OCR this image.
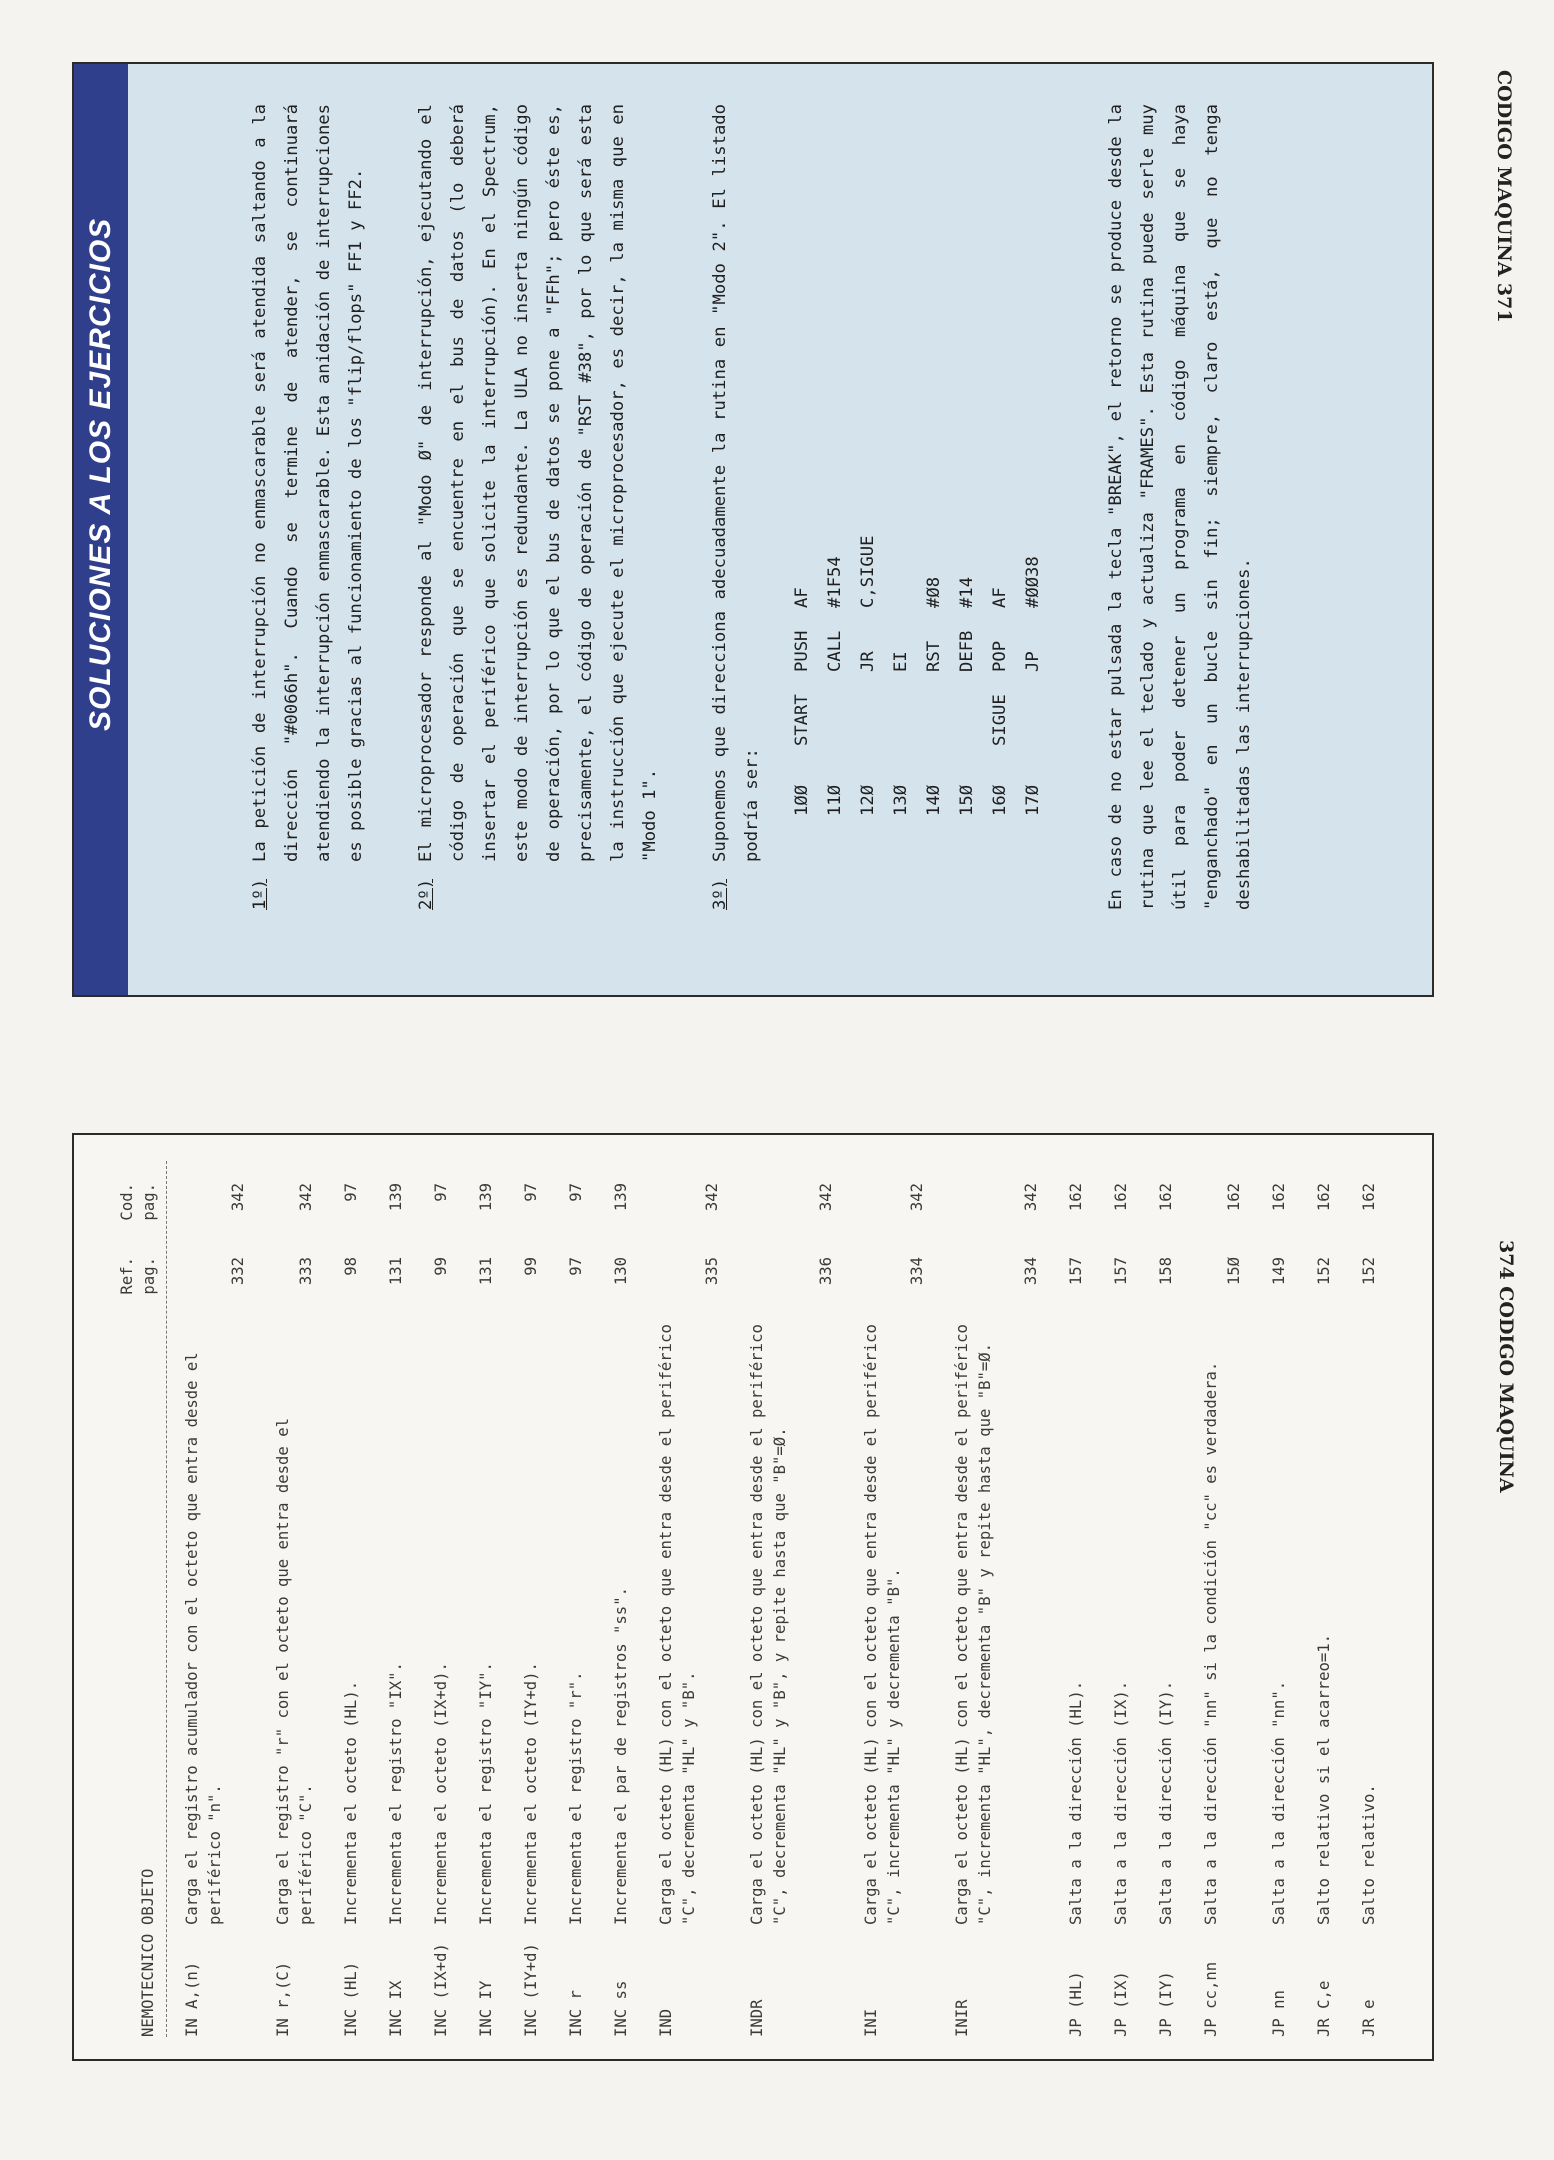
SOLUCIONES A LOS EJERCICIOS
1º)
La petición de interrupción no enmascarable será atendida saltando a la dirección "#0066h". Cuando se termine de atender, se continuará atendiendo la interrupción enmascarable. Esta anidación de interrupciones es posible gracias al funcionamiento de los "flip/flops" FF1 y FF2.
2º)
El microprocesador responde al "Modo Ø" de interrupción, ejecutando el código de operación que se encuentre en el bus de datos (lo deberá insertar el periférico que solicite la interrupción). En el Spectrum, este modo de interrupción es redundante. La ULA no inserta ningún código de operación, por lo que el bus de datos se pone a "FFh"; pero éste es, precisamente, el código de operación de "RST #38", por lo que será esta la instrucción que ejecute el microprocesador, es decir, la misma que en "Modo 1".
3º)
Suponemos que direcciona adecuadamente la rutina en "Modo 2". El listado podría ser:	1ØØ
START
PUSH
AF
11Ø
CALL
#1F54
12Ø
JR
C,SIGUE
13Ø
EI
14Ø
RST
#Ø8
15Ø
DEFB
#14
16Ø
SIGUE
POP
AF
17Ø
JP
#ØØ38	En caso de no estar pulsada la tecla "BREAK", el retorno se produce desde la rutina que lee el teclado y actualiza "FRAMES". Esta rutina puede serle muy útil para poder detener un programa en código máquina que se haya "enganchado" en un bucle sin fin; siempre, claro está, que no tenga deshabilitadas las interrupciones.
CODIGO MAQUINA 371
NEMOTECNICO
OBJETO
Ref. pag.
Cod. pag.
IN A,(n)
Carga el registro acumulador con el octeto que entra desde el periférico "n".
332
342
IN r,(C)
Carga el registro "r" con el octeto que entra desde el periférico "C".
333
342
INC (HL)
Incrementa el octeto (HL).
98
97
INC IX
Incrementa el registro "IX".
131
139
INC (IX+d)
Incrementa el octeto (IX+d).
99
97
INC IY
Incrementa el registro "IY".
131
139
INC (IY+d)
Incrementa el octeto (IY+d).
99
97
INC r
Incrementa el registro "r".
97
97
INC ss
Incrementa el par de registros "ss".
130
139
IND
Carga el octeto (HL) con el octeto que entra desde el periférico "C", decrementa "HL" y "B".
335
342
INDR
Carga el octeto (HL) con el octeto que entra desde el periférico "C", decrementa "HL" y "B", y repite hasta que "B"=Ø.
336
342
INI
Carga el octeto (HL) con el octeto que entra desde el periférico "C", incrementa "HL" y decrementa "B".
334
342
INIR
Carga el octeto (HL) con el octeto que entra desde el periférico "C", incrementa "HL", decrementa "B" y repite hasta que "B"=Ø.
334
342
JP (HL)
Salta a la dirección (HL).
157
162
JP (IX)
Salta a la dirección (IX).
157
162
JP (IY)
Salta a la dirección (IY).
158
162
JP cc,nn
Salta a la dirección "nn" si la condición "cc" es verdadera.
15Ø
162
JP nn
Salta a la dirección "nn".
149
162
JR C,e
Salto relativo si el acarreo=1.
152
162
JR e
Salto relativo.
152
162
374 CODIGO MAQUINA
